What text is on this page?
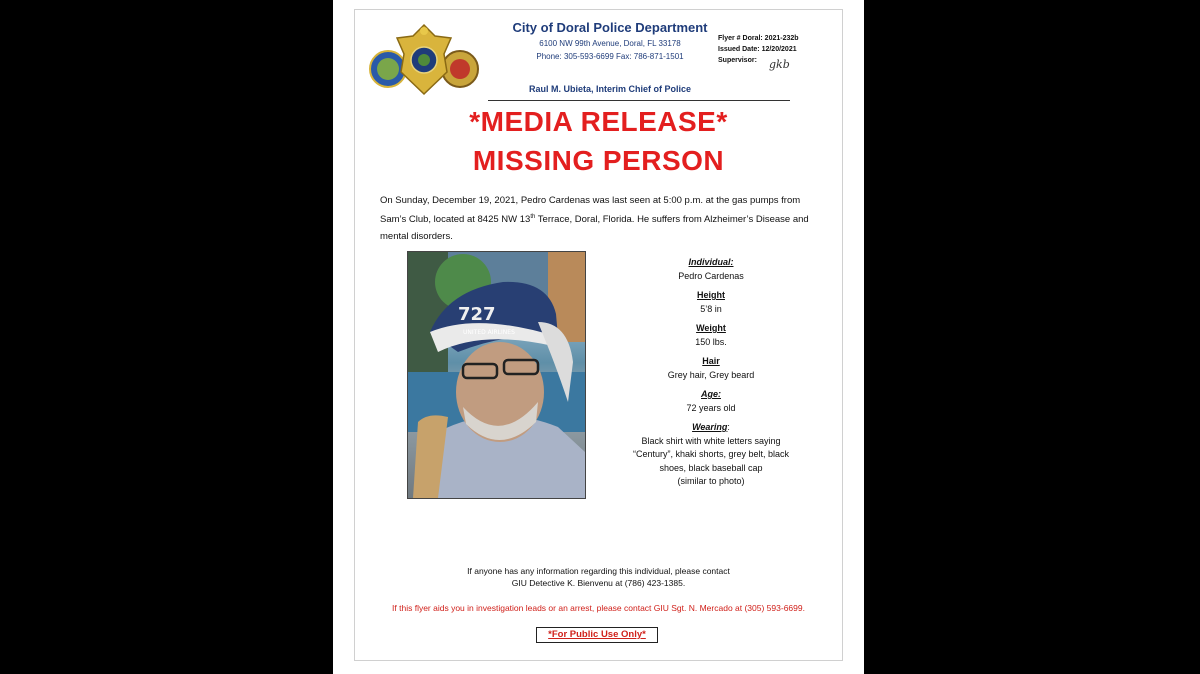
City of Doral Police Department
6100 NW 99th Avenue, Doral, FL 33178
Phone: 305-593-6699 Fax: 786-871-1501
Raul M. Ubieta, Interim Chief of Police
Flyer # Doral: 2021-232b
Issued Date: 12/20/2021
Supervisor: gkb
*MEDIA RELEASE*
MISSING PERSON
On Sunday, December 19, 2021, Pedro Cardenas was last seen at 5:00 p.m. at the gas pumps from Sam’s Club, located at 8425 NW 13th Terrace, Doral, Florida. He suffers from Alzheimer’s Disease and mental disorders.
727
UNITED AIRLINES
Individual:
Pedro Cardenas
Height
5’8 in
Weight
150 lbs.
Hair
Grey hair, Grey beard
Age:
72 years old
Wearing:
Black shirt with white letters saying
“Century”, khaki shorts, grey belt, black
shoes, black baseball cap
(similar to photo)
If anyone has any information regarding this individual, please contact
GIU Detective K. Bienvenu at (786) 423-1385.
If this flyer aids you in investigation leads or an arrest, please contact GIU Sgt. N. Mercado at (305) 593-6699.
*For Public Use Only*
